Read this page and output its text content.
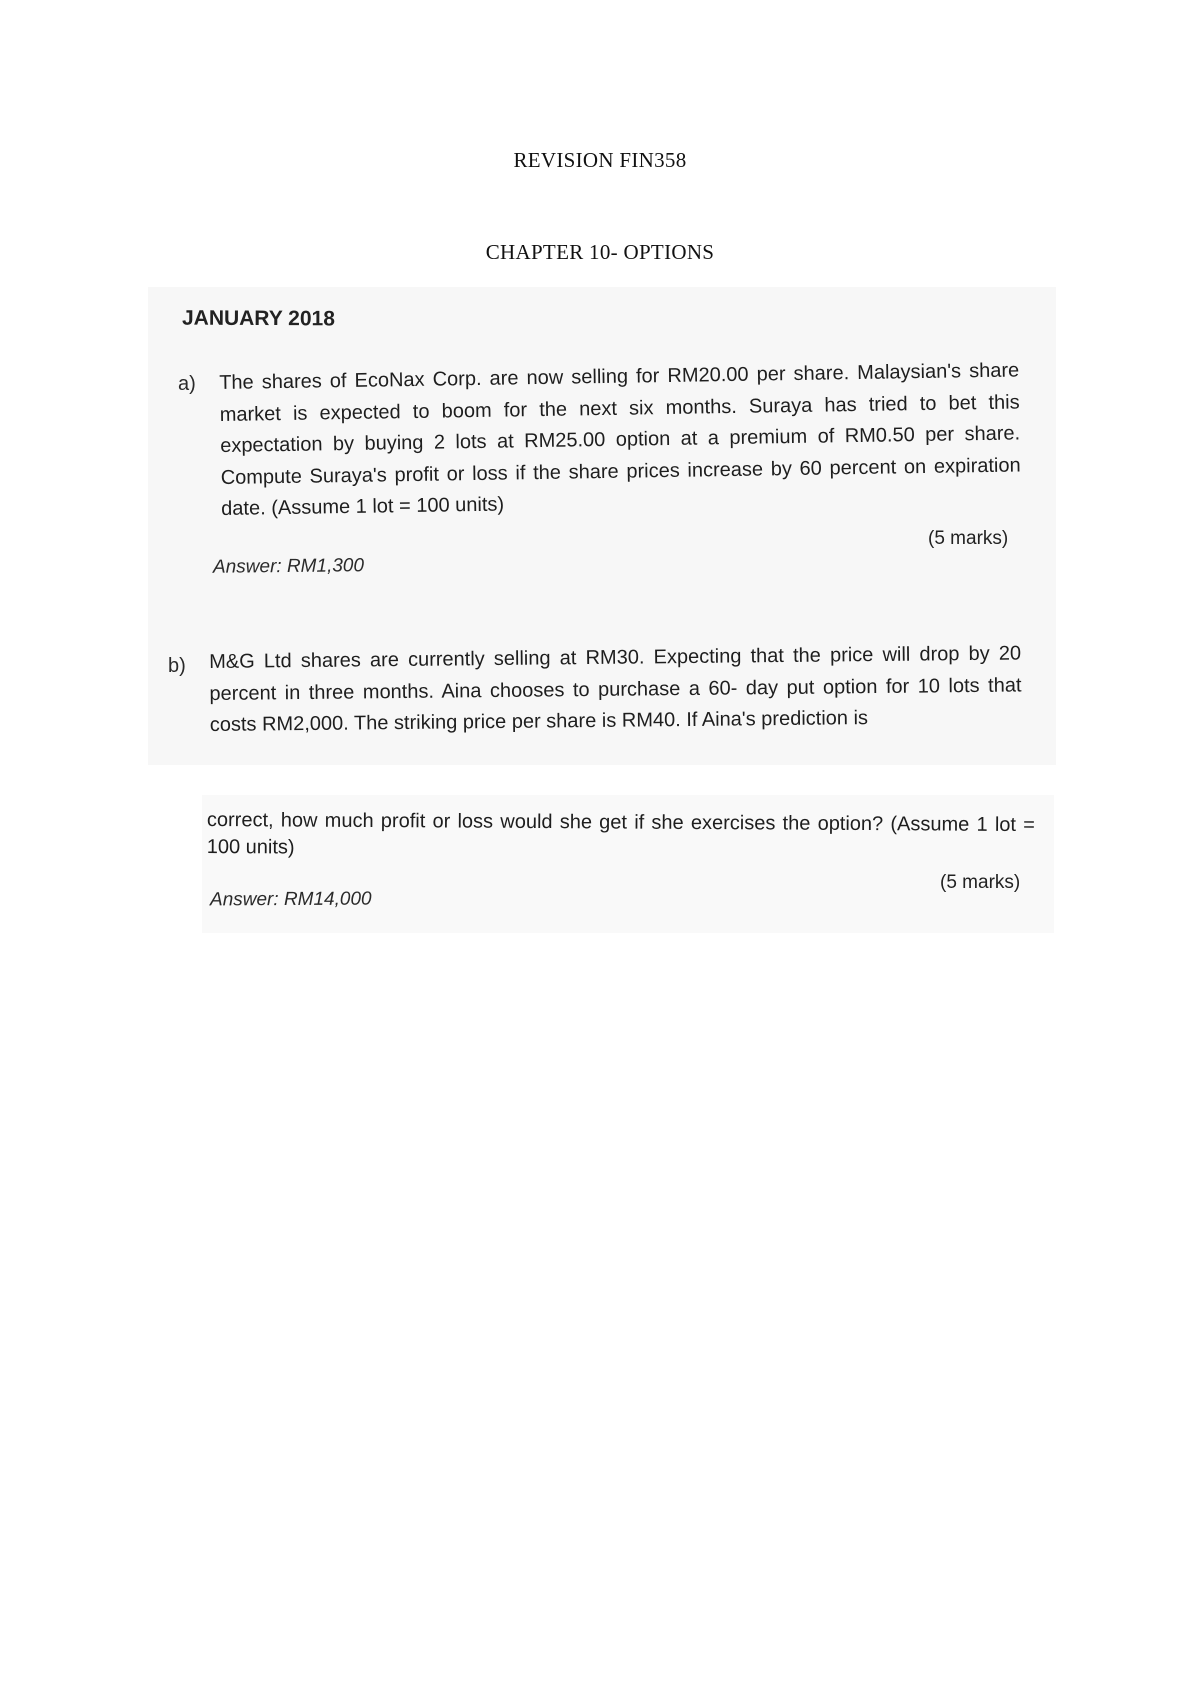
REVISION FIN358
CHAPTER 10- OPTIONS
JANUARY 2018
a) The shares of EcoNax Corp. are now selling for RM20.00 per share. Malaysian's share market is expected to boom for the next six months. Suraya has tried to bet this expectation by buying 2 lots at RM25.00 option at a premium of RM0.50 per share. Compute Suraya's profit or loss if the share prices increase by 60 percent on expiration date. (Assume 1 lot = 100 units)
(5 marks)
Answer: RM1,300
b) M&G Ltd shares are currently selling at RM30. Expecting that the price will drop by 20 percent in three months. Aina chooses to purchase a 60- day put option for 10 lots that costs RM2,000. The striking price per share is RM40. If Aina's prediction is
correct, how much profit or loss would she get if she exercises the option? (Assume 1 lot = 100 units)
(5 marks)
Answer: RM14,000
